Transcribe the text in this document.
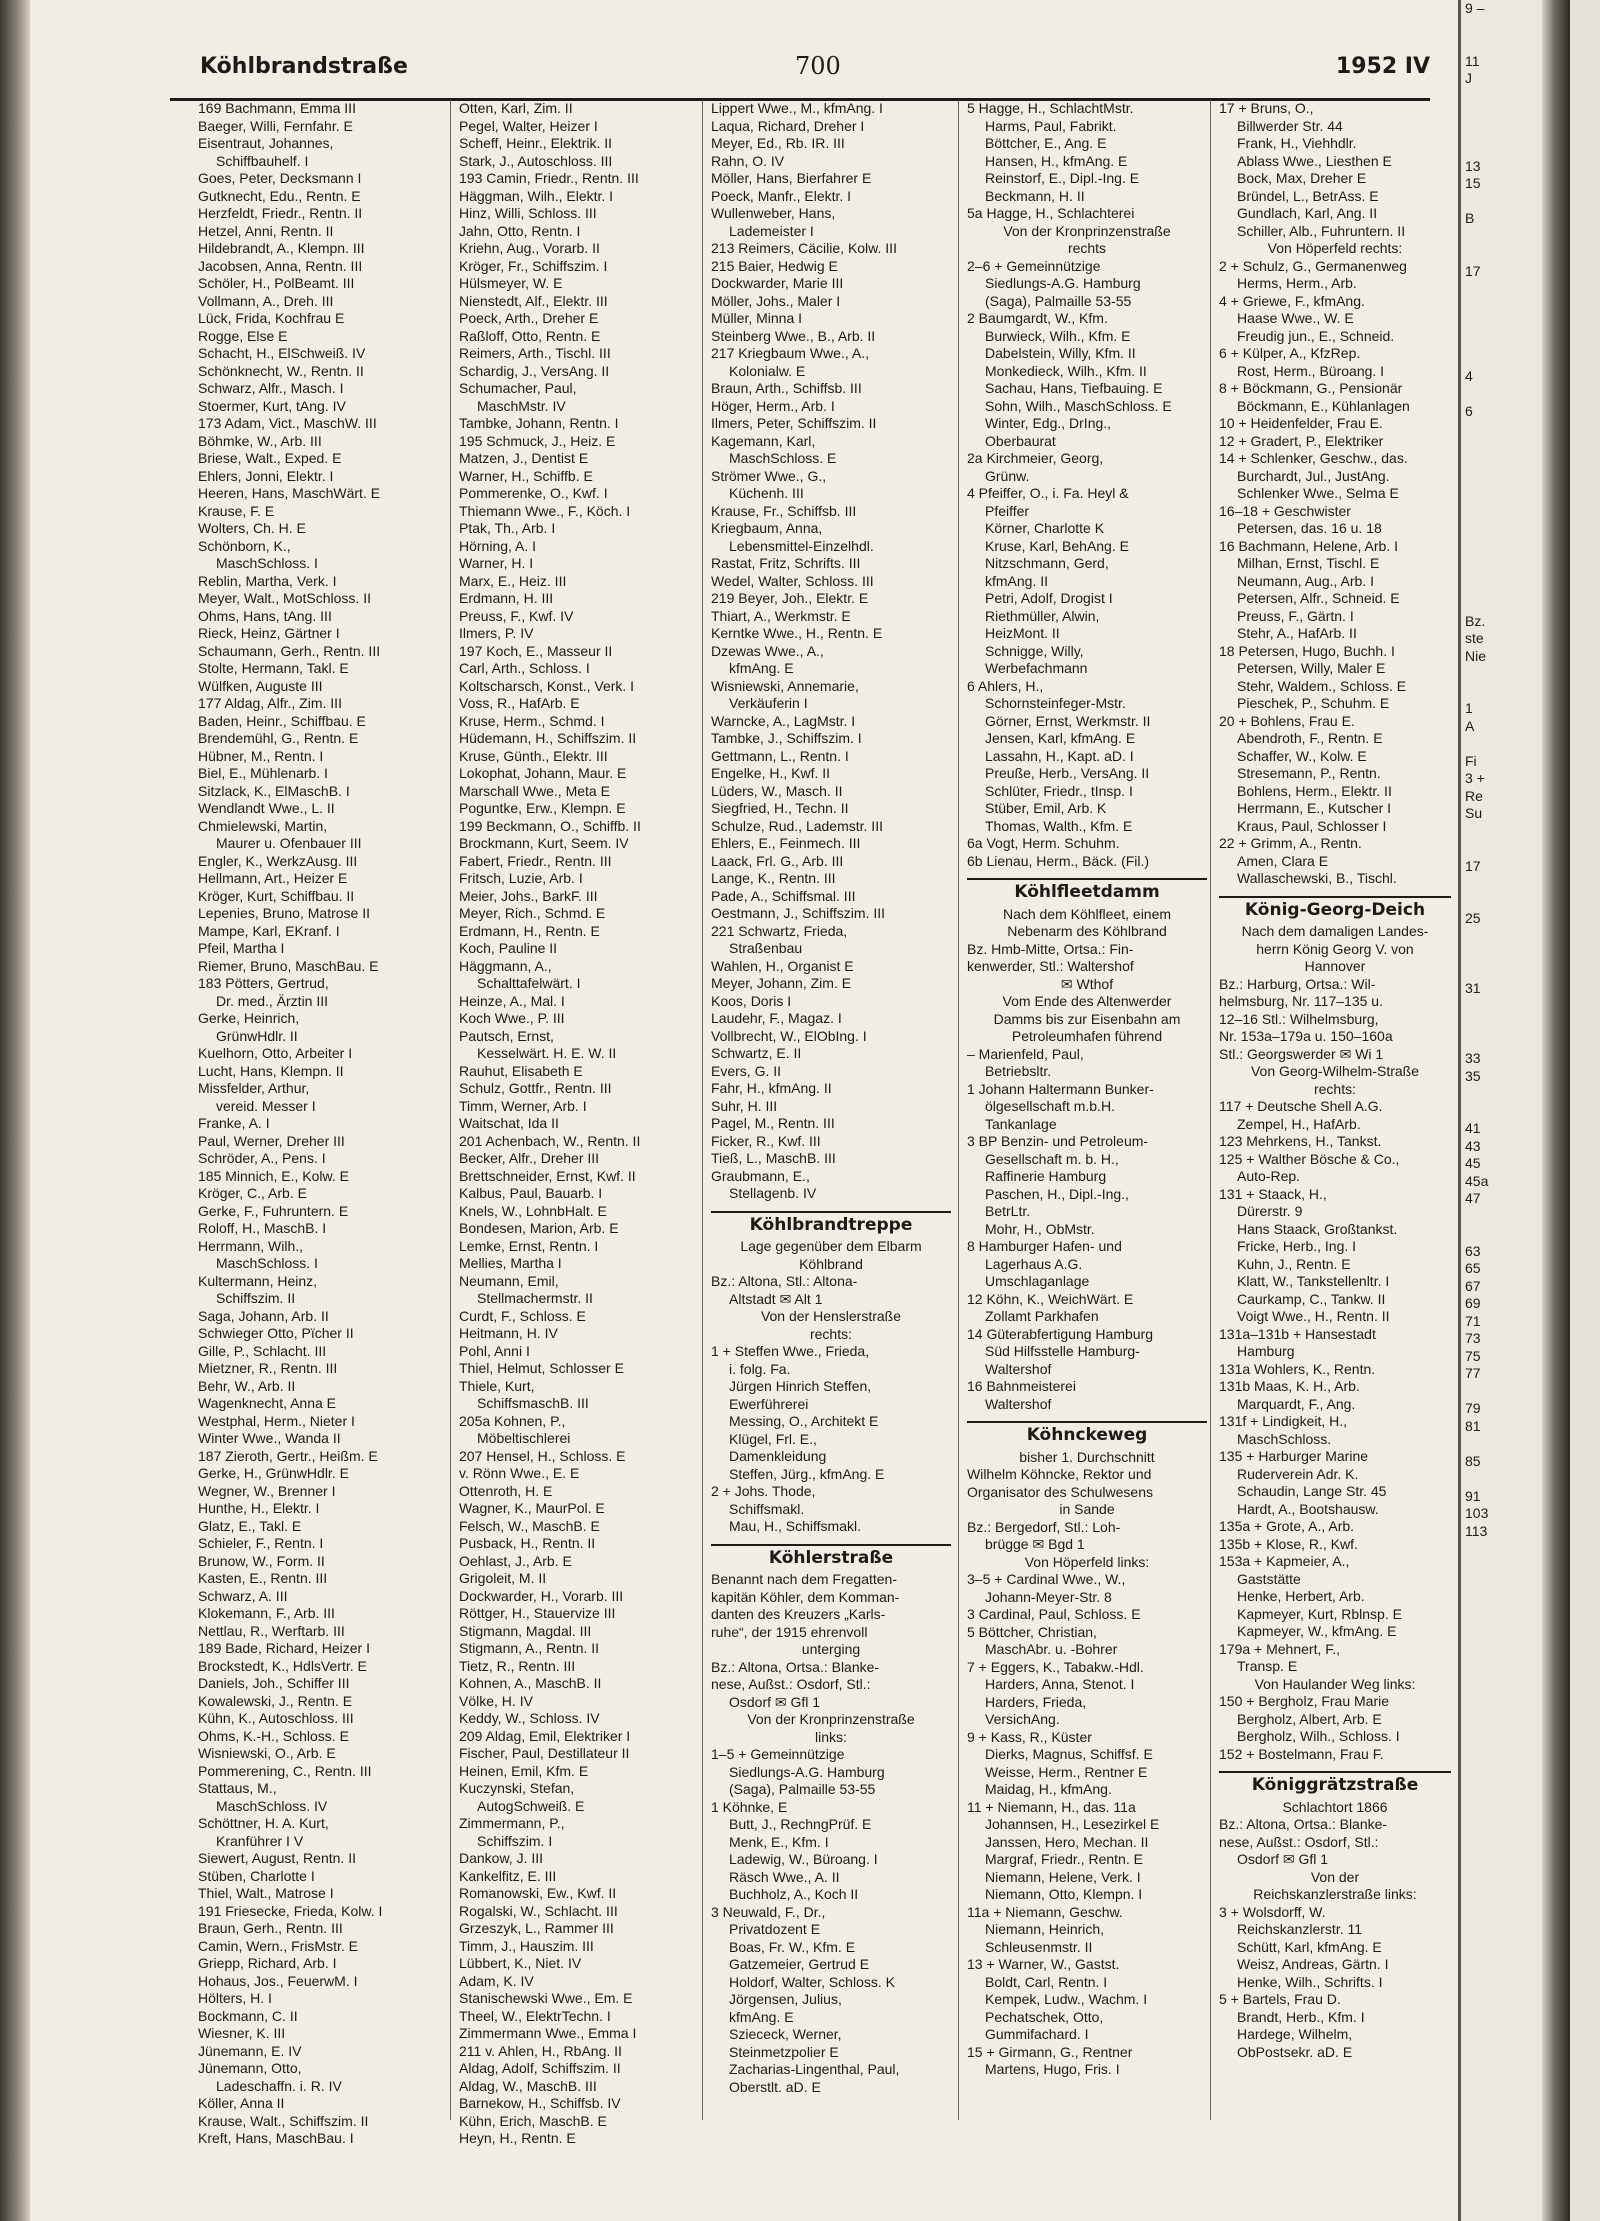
Köhlbrandstraße	700	1952 IV
169 Bachmann, Emma III
Baeger, Willi, Fernfahr. E
Eisentraut, Johannes,
Schiffbauhelf. I
Goes, Peter, Decksmann I
Gutknecht, Edu., Rentn. E
Herzfeldt, Friedr., Rentn. II
Hetzel, Anni, Rentn. II
Hildebrandt, A., Klempn. III
Jacobsen, Anna, Rentn. III
Schöler, H., PolBeamt. III
Vollmann, A., Dreh. III
Lück, Frida, Kochfrau E
Rogge, Else E
Schacht, H., ElSchweiß. IV
Schönknecht, W., Rentn. II
Schwarz, Alfr., Masch. I
Stoermer, Kurt, tAng. IV
173 Adam, Vict., MaschW. III
Böhmke, W., Arb. III
Briese, Walt., Exped. E
Ehlers, Jonni, Elektr. I
Heeren, Hans, MaschWärt. E
Krause, F. E
Wolters, Ch. H. E
Schönborn, K.,
MaschSchloss. I
Reblin, Martha, Verk. I
Meyer, Walt., MotSchloss. II
Ohms, Hans, tAng. III
Rieck, Heinz, Gärtner I
Schaumann, Gerh., Rentn. III
Stolte, Hermann, Takl. E
Wülfken, Auguste III
177 Aldag, Alfr., Zim. III
Baden, Heinr., Schiffbau. E
Brendemühl, G., Rentn. E
Hübner, M., Rentn. I
Biel, E., Mühlenarb. I
Sitzlack, K., ElMaschB. I
Wendlandt Wwe., L. II
Chmielewski, Martin,
Maurer u. Ofenbauer III
Engler, K., WerkzAusg. III
Hellmann, Art., Heizer E
Kröger, Kurt, Schiffbau. II
Lepenies, Bruno, Matrose II
Mampe, Karl, EKranf. I
Pfeil, Martha I
Riemer, Bruno, MaschBau. E
183 Pötters, Gertrud,
Dr. med., Ärztin III
Gerke, Heinrich,
GrünwHdlr. II
Kuelhorn, Otto, Arbeiter I
Lucht, Hans, Klempn. II
Missfelder, Arthur,
vereid. Messer I
Franke, A. I
Paul, Werner, Dreher III
Schröder, A., Pens. I
185 Minnich, E., Kolw. E
Kröger, C., Arb. E
Gerke, F., Fuhruntern. E
Roloff, H., MaschB. I
Herrmann, Wilh.,
MaschSchloss. I
Kultermann, Heinz,
Schiffszim. II
Saga, Johann, Arb. II
Schwieger Otto, Pïcher II
Gille, P., Schlacht. III
Mietzner, R., Rentn. III
Behr, W., Arb. II
Wagenknecht, Anna E
Westphal, Herm., Nieter I
Winter Wwe., Wanda II
187 Zieroth, Gertr., Heißm. E
Gerke, H., GrünwHdlr. E
Wegner, W., Brenner I
Hunthe, H., Elektr. I
Glatz, E., Takl. E
Schieler, F., Rentn. I
Brunow, W., Form. II
Kasten, E., Rentn. III
Schwarz, A. III
Klokemann, F., Arb. III
Nettlau, R., Werftarb. III
189 Bade, Richard, Heizer I
Brockstedt, K., HdlsVertr. E
Daniels, Joh., Schiffer III
Kowalewski, J., Rentn. E
Kühn, K., Autoschloss. III
Ohms, K.-H., Schloss. E
Wisniewski, O., Arb. E
Pommerening, C., Rentn. III
Stattaus, M.,
MaschSchloss. IV
Schöttner, H. A. Kurt,
Kranführer I V
Siewert, August, Rentn. II
Stüben, Charlotte I
Thiel, Walt., Matrose I
191 Friesecke, Frieda, Kolw. I
Braun, Gerh., Rentn. III
Camin, Wern., FrisMstr. E
Griepp, Richard, Arb. I
Hohaus, Jos., FeuerwM. I
Hölters, H. I
Bockmann, C. II
Wiesner, K. III
Jünemann, E. IV
Jünemann, Otto,
Ladeschaffn. i. R. IV
Köller, Anna II
Krause, Walt., Schiffszim. II
Kreft, Hans, MaschBau. I
Otten, Karl, Zim. II
Pegel, Walter, Heizer I
Scheff, Heinr., Elektrik. II
Stark, J., Autoschloss. III
193 Camin, Friedr., Rentn. III
Häggman, Wilh., Elektr. I
Hinz, Willi, Schloss. III
Jahn, Otto, Rentn. I
Kriehn, Aug., Vorarb. II
Kröger, Fr., Schiffszim. I
Hülsmeyer, W. E
Nienstedt, Alf., Elektr. III
Poeck, Arth., Dreher E
Raßloff, Otto, Rentn. E
Reimers, Arth., Tischl. III
Schardig, J., VersAng. II
Schumacher, Paul,
MaschMstr. IV
Tambke, Johann, Rentn. I
195 Schmuck, J., Heiz. E
Matzen, J., Dentist E
Warner, H., Schiffb. E
Pommerenke, O., Kwf. I
Thiemann Wwe., F., Köch. I
Ptak, Th., Arb. I
Hörning, A. I
Warner, H. I
Marx, E., Heiz. III
Erdmann, H. III
Preuss, F., Kwf. IV
Ilmers, P. IV
197 Koch, E., Masseur II
Carl, Arth., Schloss. I
Koltscharsch, Konst., Verk. I
Voss, R., HafArb. E
Kruse, Herm., Schmd. I
Hüdemann, H., Schiffszim. II
Kruse, Günth., Elektr. III
Lokophat, Johann, Maur. E
Marschall Wwe., Meta E
Poguntke, Erw., Klempn. E
199 Beckmann, O., Schiffb. II
Brockmann, Kurt, Seem. IV
Fabert, Friedr., Rentn. III
Fritsch, Luzie, Arb. I
Meier, Johs., BarkF. III
Meyer, Rich., Schmd. E
Erdmann, H., Rentn. E
Koch, Pauline II
Häggmann, A.,
Schalttafelwärt. I
Heinze, A., Mal. I
Koch Wwe., P. III
Pautsch, Ernst,
Kesselwärt. H. E. W. II
Rauhut, Elisabeth E
Schulz, Gottfr., Rentn. III
Timm, Werner, Arb. I
Waitschat, Ida II
201 Achenbach, W., Rentn. II
Becker, Alfr., Dreher III
Brettschneider, Ernst, Kwf. II
Kalbus, Paul, Bauarb. I
Knels, W., LohnbHalt. E
Bondesen, Marion, Arb. E
Lemke, Ernst, Rentn. I
Mellies, Martha I
Neumann, Emil,
Stellmachermstr. II
Curdt, F., Schloss. E
Heitmann, H. IV
Pohl, Anni I
Thiel, Helmut, Schlosser E
Thiele, Kurt,
SchiffsmaschB. III
205a Kohnen, P.,
Möbeltischlerei
207 Hensel, H., Schloss. E
v. Rönn Wwe., E. E
Ottenroth, H. E
Wagner, K., MaurPol. E
Felsch, W., MaschB. E
Pusback, H., Rentn. II
Oehlast, J., Arb. E
Grigoleit, M. II
Dockwarder, H., Vorarb. III
Röttger, H., Stauervize III
Stigmann, Magdal. III
Stigmann, A., Rentn. II
Tietz, R., Rentn. III
Kohnen, A., MaschB. II
Völke, H. IV
Keddy, W., Schloss. IV
209 Aldag, Emil, Elektriker I
Fischer, Paul, Destillateur II
Heinen, Emil, Kfm. E
Kuczynski, Stefan,
AutogSchweiß. E
Zimmermann, P.,
Schiffszim. I
Dankow, J. III
Kankelfitz, E. III
Romanowski, Ew., Kwf. II
Rogalski, W., Schlacht. III
Grzeszyk, L., Rammer III
Timm, J., Hauszim. III
Lübbert, K., Niet. IV
Adam, K. IV
Stanischewski Wwe., Em. E
Theel, W., ElektrTechn. I
Zimmermann Wwe., Emma I
211 v. Ahlen, H., RbAng. II
Aldag, Adolf, Schiffszim. II
Aldag, W., MaschB. III
Barnekow, H., Schiffsb. IV
Kühn, Erich, MaschB. E
Heyn, H., Rentn. E
Lippert Wwe., M., kfmAng. I
Laqua, Richard, Dreher I
Meyer, Ed., Rb. IR. III
Rahn, O. IV
Möller, Hans, Bierfahrer E
Poeck, Manfr., Elektr. I
Wullenweber, Hans,
Lademeister I
213 Reimers, Cäcilie, Kolw. III
215 Baier, Hedwig E
Dockwarder, Marie III
Möller, Johs., Maler I
Müller, Minna I
Steinberg Wwe., B., Arb. II
217 Kriegbaum Wwe., A.,
Kolonialw. E
Braun, Arth., Schiffsb. III
Höger, Herm., Arb. I
Ilmers, Peter, Schiffszim. II
Kagemann, Karl,
MaschSchloss. E
Strömer Wwe., G.,
Küchenh. III
Krause, Fr., Schiffsb. III
Kriegbaum, Anna,
Lebensmittel-Einzelhdl.
Rastat, Fritz, Schrifts. III
Wedel, Walter, Schloss. III
219 Beyer, Joh., Elektr. E
Thiart, A., Werkmstr. E
Kerntke Wwe., H., Rentn. E
Dzewas Wwe., A.,
kfmAng. E
Wisniewski, Annemarie,
Verkäuferin I
Warncke, A., LagMstr. I
Tambke, J., Schiffszim. I
Gettmann, L., Rentn. I
Engelke, H., Kwf. II
Lüders, W., Masch. II
Siegfried, H., Techn. II
Schulze, Rud., Lademstr. III
Ehlers, E., Feinmech. III
Laack, Frl. G., Arb. III
Lange, K., Rentn. III
Pade, A., Schiffsmal. III
Oestmann, J., Schiffszim. III
221 Schwartz, Frieda,
Straßenbau
Wahlen, H., Organist E
Meyer, Johann, Zim. E
Koos, Doris I
Laudehr, F., Magaz. I
Vollbrecht, W., ElObIng. I
Schwartz, E. II
Evers, G. II
Fahr, H., kfmAng. II
Suhr, H. III
Pagel, M., Rentn. III
Ficker, R., Kwf. III
Tieß, L., MaschB. III
Graubmann, E.,
Stellagenb. IV
Köhlbrandtreppe
Lage gegenüber dem Elbarm
Köhlbrand
Bz.: Altona, Stl.: Altona-
Altstadt ✉ Alt 1
Von der Henslerstraße
rechts:
1 + Steffen Wwe., Frieda,
i. folg. Fa.
Jürgen Hinrich Steffen,
Ewerführerei
Messing, O., Architekt E
Klügel, Frl. E.,
Damenkleidung
Steffen, Jürg., kfmAng. E
2 + Johs. Thode,
Schiffsmakl.
Mau, H., Schiffsmakl.
Köhlerstraße
Benannt nach dem Fregatten-
kapitän Köhler, dem Komman-
danten des Kreuzers „Karls-
ruhe“, der 1915 ehrenvoll
unterging
Bz.: Altona, Ortsa.: Blanke-
nese, Außst.: Osdorf, Stl.:
Osdorf ✉ Gfl 1
Von der Kronprinzenstraße
links:
1–5 + Gemeinnützige
Siedlungs-A.G. Hamburg
(Saga), Palmaille 53-55
1 Köhnke, E
Butt, J., RechngPrüf. E
Menk, E., Kfm. I
Ladewig, W., Büroang. I
Räsch Wwe., A. II
Buchholz, A., Koch II
3 Neuwald, F., Dr.,
Privatdozent E
Boas, Fr. W., Kfm. E
Gatzemeier, Gertrud E
Holdorf, Walter, Schloss. K
Jörgensen, Julius,
kfmAng. E
Sziececk, Werner,
Steinmetzpolier E
Zacharias-Lingenthal, Paul,
Oberstlt. aD. E
5 Hagge, H., SchlachtMstr.
Harms, Paul, Fabrikt.
Böttcher, E., Ang. E
Hansen, H., kfmAng. E
Reinstorf, E., Dipl.-Ing. E
Beckmann, H. II
5a Hagge, H., Schlachterei
Von der Kronprinzenstraße
rechts
2–6 + Gemeinnützige
Siedlungs-A.G. Hamburg
(Saga), Palmaille 53-55
2 Baumgardt, W., Kfm.
Burwieck, Wilh., Kfm. E
Dabelstein, Willy, Kfm. II
Monkedieck, Wilh., Kfm. II
Sachau, Hans, Tiefbauing. E
Sohn, Wilh., MaschSchloss. E
Winter, Edg., DrIng.,
Oberbaurat
2a Kirchmeier, Georg,
Grünw.
4 Pfeiffer, O., i. Fa. Heyl &
Pfeiffer
Körner, Charlotte K
Kruse, Karl, BehAng. E
Nitzschmann, Gerd,
kfmAng. II
Petri, Adolf, Drogist I
Riethmüller, Alwin,
HeizMont. II
Schnigge, Willy,
Werbefachmann
6 Ahlers, H.,
Schornsteinfeger-Mstr.
Görner, Ernst, Werkmstr. II
Jensen, Karl, kfmAng. E
Lassahn, H., Kapt. aD. I
Preuße, Herb., VersAng. II
Schlüter, Friedr., tInsp. I
Stüber, Emil, Arb. K
Thomas, Walth., Kfm. E
6a Vogt, Herm. Schuhm.
6b Lienau, Herm., Bäck. (Fil.)
Köhlfleetdamm
Nach dem Köhlfleet, einem
Nebenarm des Köhlbrand
Bz. Hmb-Mitte, Ortsa.: Fin-
kenwerder, Stl.: Waltershof
✉ Wthof
Vom Ende des Altenwerder
Damms bis zur Eisenbahn am
Petroleumhafen führend
– Marienfeld, Paul,
Betriebsltr.
1 Johann Haltermann Bunker-
ölgesellschaft m.b.H.
Tankanlage
3 BP Benzin- und Petroleum-
Gesellschaft m. b. H.,
Raffinerie Hamburg
Paschen, H., Dipl.-Ing.,
BetrLtr.
Mohr, H., ObMstr.
8 Hamburger Hafen- und
Lagerhaus A.G.
Umschlaganlage
12 Köhn, K., WeichWärt. E
Zollamt Parkhafen
14 Güterabfertigung Hamburg
Süd Hilfsstelle Hamburg-
Waltershof
16 Bahnmeisterei
Waltershof
Köhnckeweg
bisher 1. Durchschnitt
Wilhelm Köhncke, Rektor und
Organisator des Schulwesens
in Sande
Bz.: Bergedorf, Stl.: Loh-
brügge ✉ Bgd 1
Von Höperfeld links:
3–5 + Cardinal Wwe., W.,
Johann-Meyer-Str. 8
3 Cardinal, Paul, Schloss. E
5 Böttcher, Christian,
MaschAbr. u. -Bohrer
7 + Eggers, K., Tabakw.-Hdl.
Harders, Anna, Stenot. I
Harders, Frieda,
VersichAng.
9 + Kass, R., Küster
Dierks, Magnus, Schiffsf. E
Weisse, Herm., Rentner E
Maidag, H., kfmAng.
11 + Niemann, H., das. 11a
Johannsen, H., Lesezirkel E
Janssen, Hero, Mechan. II
Margraf, Friedr., Rentn. E
Niemann, Helene, Verk. I
Niemann, Otto, Klempn. I
11a + Niemann, Geschw.
Niemann, Heinrich,
Schleusenmstr. II
13 + Warner, W., Gastst.
Boldt, Carl, Rentn. I
Kempek, Ludw., Wachm. I
Pechatschek, Otto,
Gummifachard. I
15 + Girmann, G., Rentner
Martens, Hugo, Fris. I
17 + Bruns, O.,
Billwerder Str. 44
Frank, H., Viehhdlr.
Ablass Wwe., Liesthen E
Bock, Max, Dreher E
Bründel, L., BetrAss. E
Gundlach, Karl, Ang. II
Schiller, Alb., Fuhruntern. II
Von Höperfeld rechts:
2 + Schulz, G., Germanenweg
Herms, Herm., Arb.
4 + Griewe, F., kfmAng.
Haase Wwe., W. E
Freudig jun., E., Schneid.
6 + Külper, A., KfzRep.
Rost, Herm., Büroang. I
8 + Böckmann, G., Pensionär
Böckmann, E., Kühlanlagen
10 + Heidenfelder, Frau E.
12 + Gradert, P., Elektriker
14 + Schlenker, Geschw., das.
Burchardt, Jul., JustAng.
Schlenker Wwe., Selma E
16–18 + Geschwister
Petersen, das. 16 u. 18
16 Bachmann, Helene, Arb. I
Milhan, Ernst, Tischl. E
Neumann, Aug., Arb. I
Petersen, Alfr., Schneid. E
Preuss, F., Gärtn. I
Stehr, A., HafArb. II
18 Petersen, Hugo, Buchh. I
Petersen, Willy, Maler E
Stehr, Waldem., Schloss. E
Pieschek, P., Schuhm. E
20 + Bohlens, Frau E.
Abendroth, F., Rentn. E
Schaffer, W., Kolw. E
Stresemann, P., Rentn.
Bohlens, Herm., Elektr. II
Herrmann, E., Kutscher I
Kraus, Paul, Schlosser I
22 + Grimm, A., Rentn.
Amen, Clara E
Wallaschewski, B., Tischl.
König-Georg-Deich
Nach dem damaligen Landes-
herrn König Georg V. von
Hannover
Bz.: Harburg, Ortsa.: Wil-
helmsburg, Nr. 117–135 u.
12–16 Stl.: Wilhelmsburg,
Nr. 153a–179a u. 150–160a
Stl.: Georgswerder ✉ Wi 1
Von Georg-Wilhelm-Straße
rechts:
117 + Deutsche Shell A.G.
Zempel, H., HafArb.
123 Mehrkens, H., Tankst.
125 + Walther Bösche & Co.,
Auto-Rep.
131 + Staack, H.,
Dürerstr. 9
Hans Staack, Großtankst.
Fricke, Herb., Ing. I
Kuhn, J., Rentn. E
Klatt, W., Tankstellenltr. I
Caurkamp, C., Tankw. II
Voigt Wwe., H., Rentn. II
131a–131b + Hansestadt
Hamburg
131a Wohlers, K., Rentn.
131b Maas, K. H., Arb.
Marquardt, F., Ang.
131f + Lindigkeit, H.,
MaschSchloss.
135 + Harburger Marine
Ruderverein Adr. K.
Schaudin, Lange Str. 45
Hardt, A., Bootshausw.
135a + Grote, A., Arb.
135b + Klose, R., Kwf.
153a + Kapmeier, A.,
Gaststätte
Henke, Herbert, Arb.
Kapmeyer, Kurt, Rblnsp. E
Kapmeyer, W., kfmAng. E
179a + Mehnert, F.,
Transp. E
Von Haulander Weg links:
150 + Bergholz, Frau Marie
Bergholz, Albert, Arb. E
Bergholz, Wilh., Schloss. I
152 + Bostelmann, Frau F.
Königgrätzstraße
Schlachtort 1866
Bz.: Altona, Ortsa.: Blanke-
nese, Außst.: Osdorf, Stl.:
Osdorf ✉ Gfl 1
Von der
Reichskanzlerstraße links:
3 + Wolsdorff, W.
Reichskanzlerstr. 11
Schütt, Karl, kfmAng. E
Weisz, Andreas, Gärtn. I
Henke, Wilh., Schrifts. I
5 + Bartels, Frau D.
Brandt, Herb., Kfm. I
Hardege, Wilhelm,
ObPostsekr. aD. E
9 –

11
J

13
15

B

17

4

6

Bz.
ste
Nie

1
A

Fi
3 +
Re
Su

17

25

31

33
35

41
43
45
45a
47

63
65
67
69
71
73
75
77

79
81

85

91
103
113
